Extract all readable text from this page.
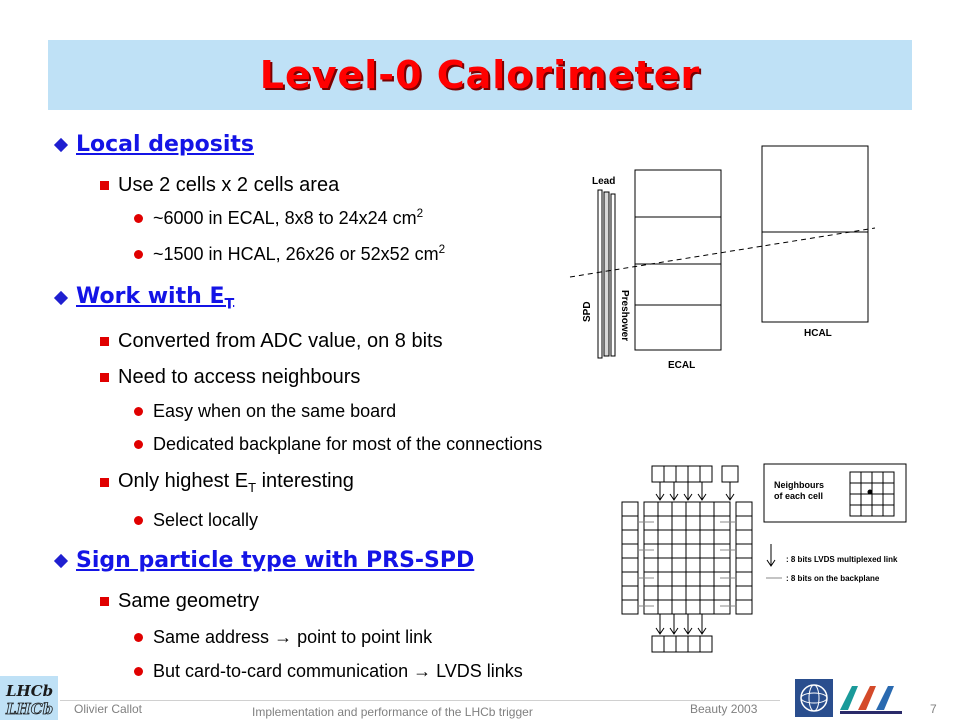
Level-0 Calorimeter
Local deposits
Use 2 cells x 2 cells area
~6000 in ECAL, 8x8 to 24x24 $cm^2$
~1500 in HCAL, 26x26 or 52x52 $cm^2$
Work with $E_T$
Converted from ADC value, on 8 bits
Need to access neighbours
Easy when on the same board
Dedicated backplane for most of the connections
Only highest $E_T$ interesting
Select locally
Sign particle type with PRS-SPD
Same geometry
Same address → point to point link
But card-to-card communication → LVDS links
Lead
SPD	Preshower
ECAL
HCAL
Neighbours
of each cell
: 8 bits LVDS multiplexed link
: 8 bits on the backplane
LHCb
LHCb Olivier Callot	Implementation and performance of the LHCb trigger	Beauty 2003	7
